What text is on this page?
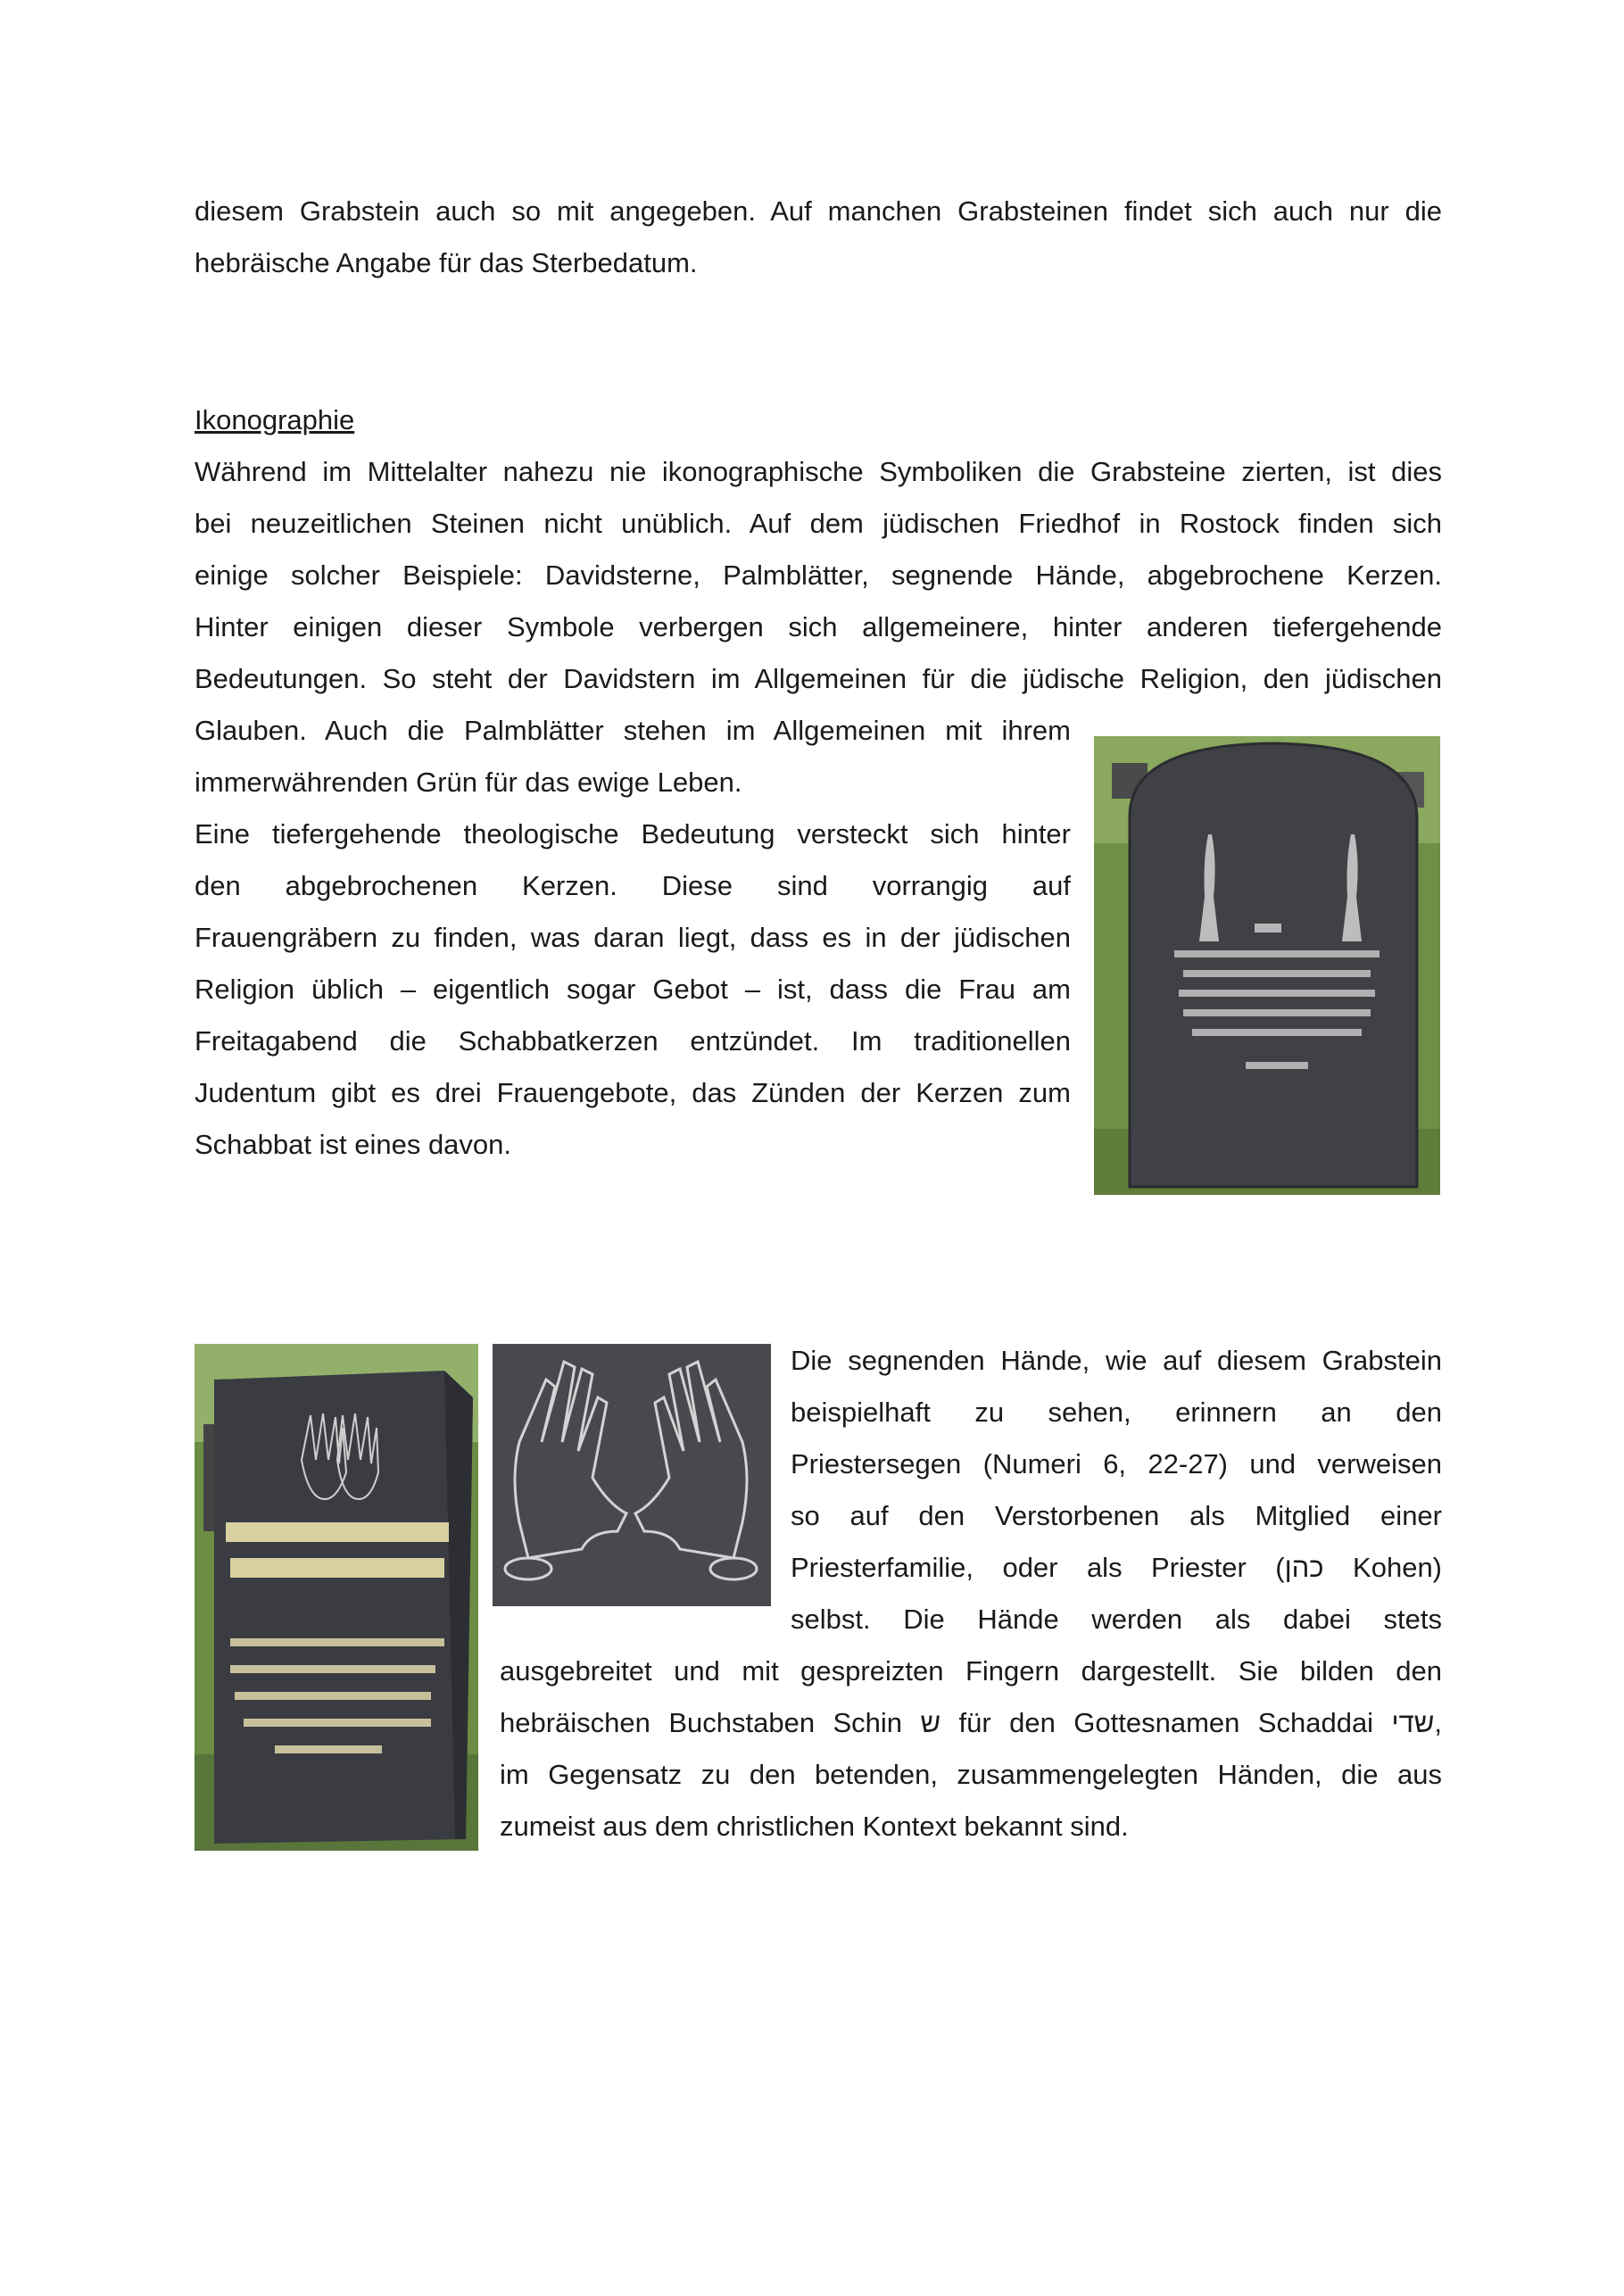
diesem Grabstein auch so mit angegeben. Auf manchen Grabsteinen findet sich auch nur die
hebräische Angabe für das Sterbedatum.

Ikonographie

Während im Mittelalter nahezu nie ikonographische Symboliken die Grabsteine zierten, ist dies
bei neuzeitlichen Steinen nicht unüblich. Auf dem jüdischen Friedhof in Rostock finden sich
einige solcher Beispiele: Davidsterne, Palmblätter, segnende Hände, abgebrochene Kerzen.
Hinter einigen dieser Symbole verbergen sich allgemeinere, hinter anderen tiefergehende
Bedeutungen. So steht der Davidstern im Allgemeinen für die jüdische Religion, den jüdischen
Glauben. Auch die Palmblätter stehen im Allgemeinen mit ihrem
immerwährenden Grün für das ewige Leben.
Eine tiefergehende theologische Bedeutung versteckt sich hinter
den abgebrochenen Kerzen. Diese sind vorrangig auf
Frauengräbern zu finden, was daran liegt, dass es in der jüdischen
Religion üblich – eigentlich sogar Gebot – ist, dass die Frau am
Freitagabend die Schabbatkerzen entzündet. Im traditionellen
Judentum gibt es drei Frauengebote, das Zünden der Kerzen zum
Schabbat ist eines davon.
Die segnenden Hände, wie auf diesem Grabstein
beispielhaft zu sehen, erinnern an den
Priestersegen (Numeri 6, 22-27) und verweisen
so auf den Verstorbenen als Mitglied einer
Priesterfamilie, oder als Priester (כהן Kohen)
selbst. Die Hände werden als dabei stets
ausgebreitet und mit gespreizten Fingern dargestellt. Sie bilden den
hebräischen Buchstaben Schin ש für den Gottesnamen Schaddai שדי,
im Gegensatz zu den betenden, zusammengelegten Händen, die aus
zumeist aus dem christlichen Kontext bekannt sind.
